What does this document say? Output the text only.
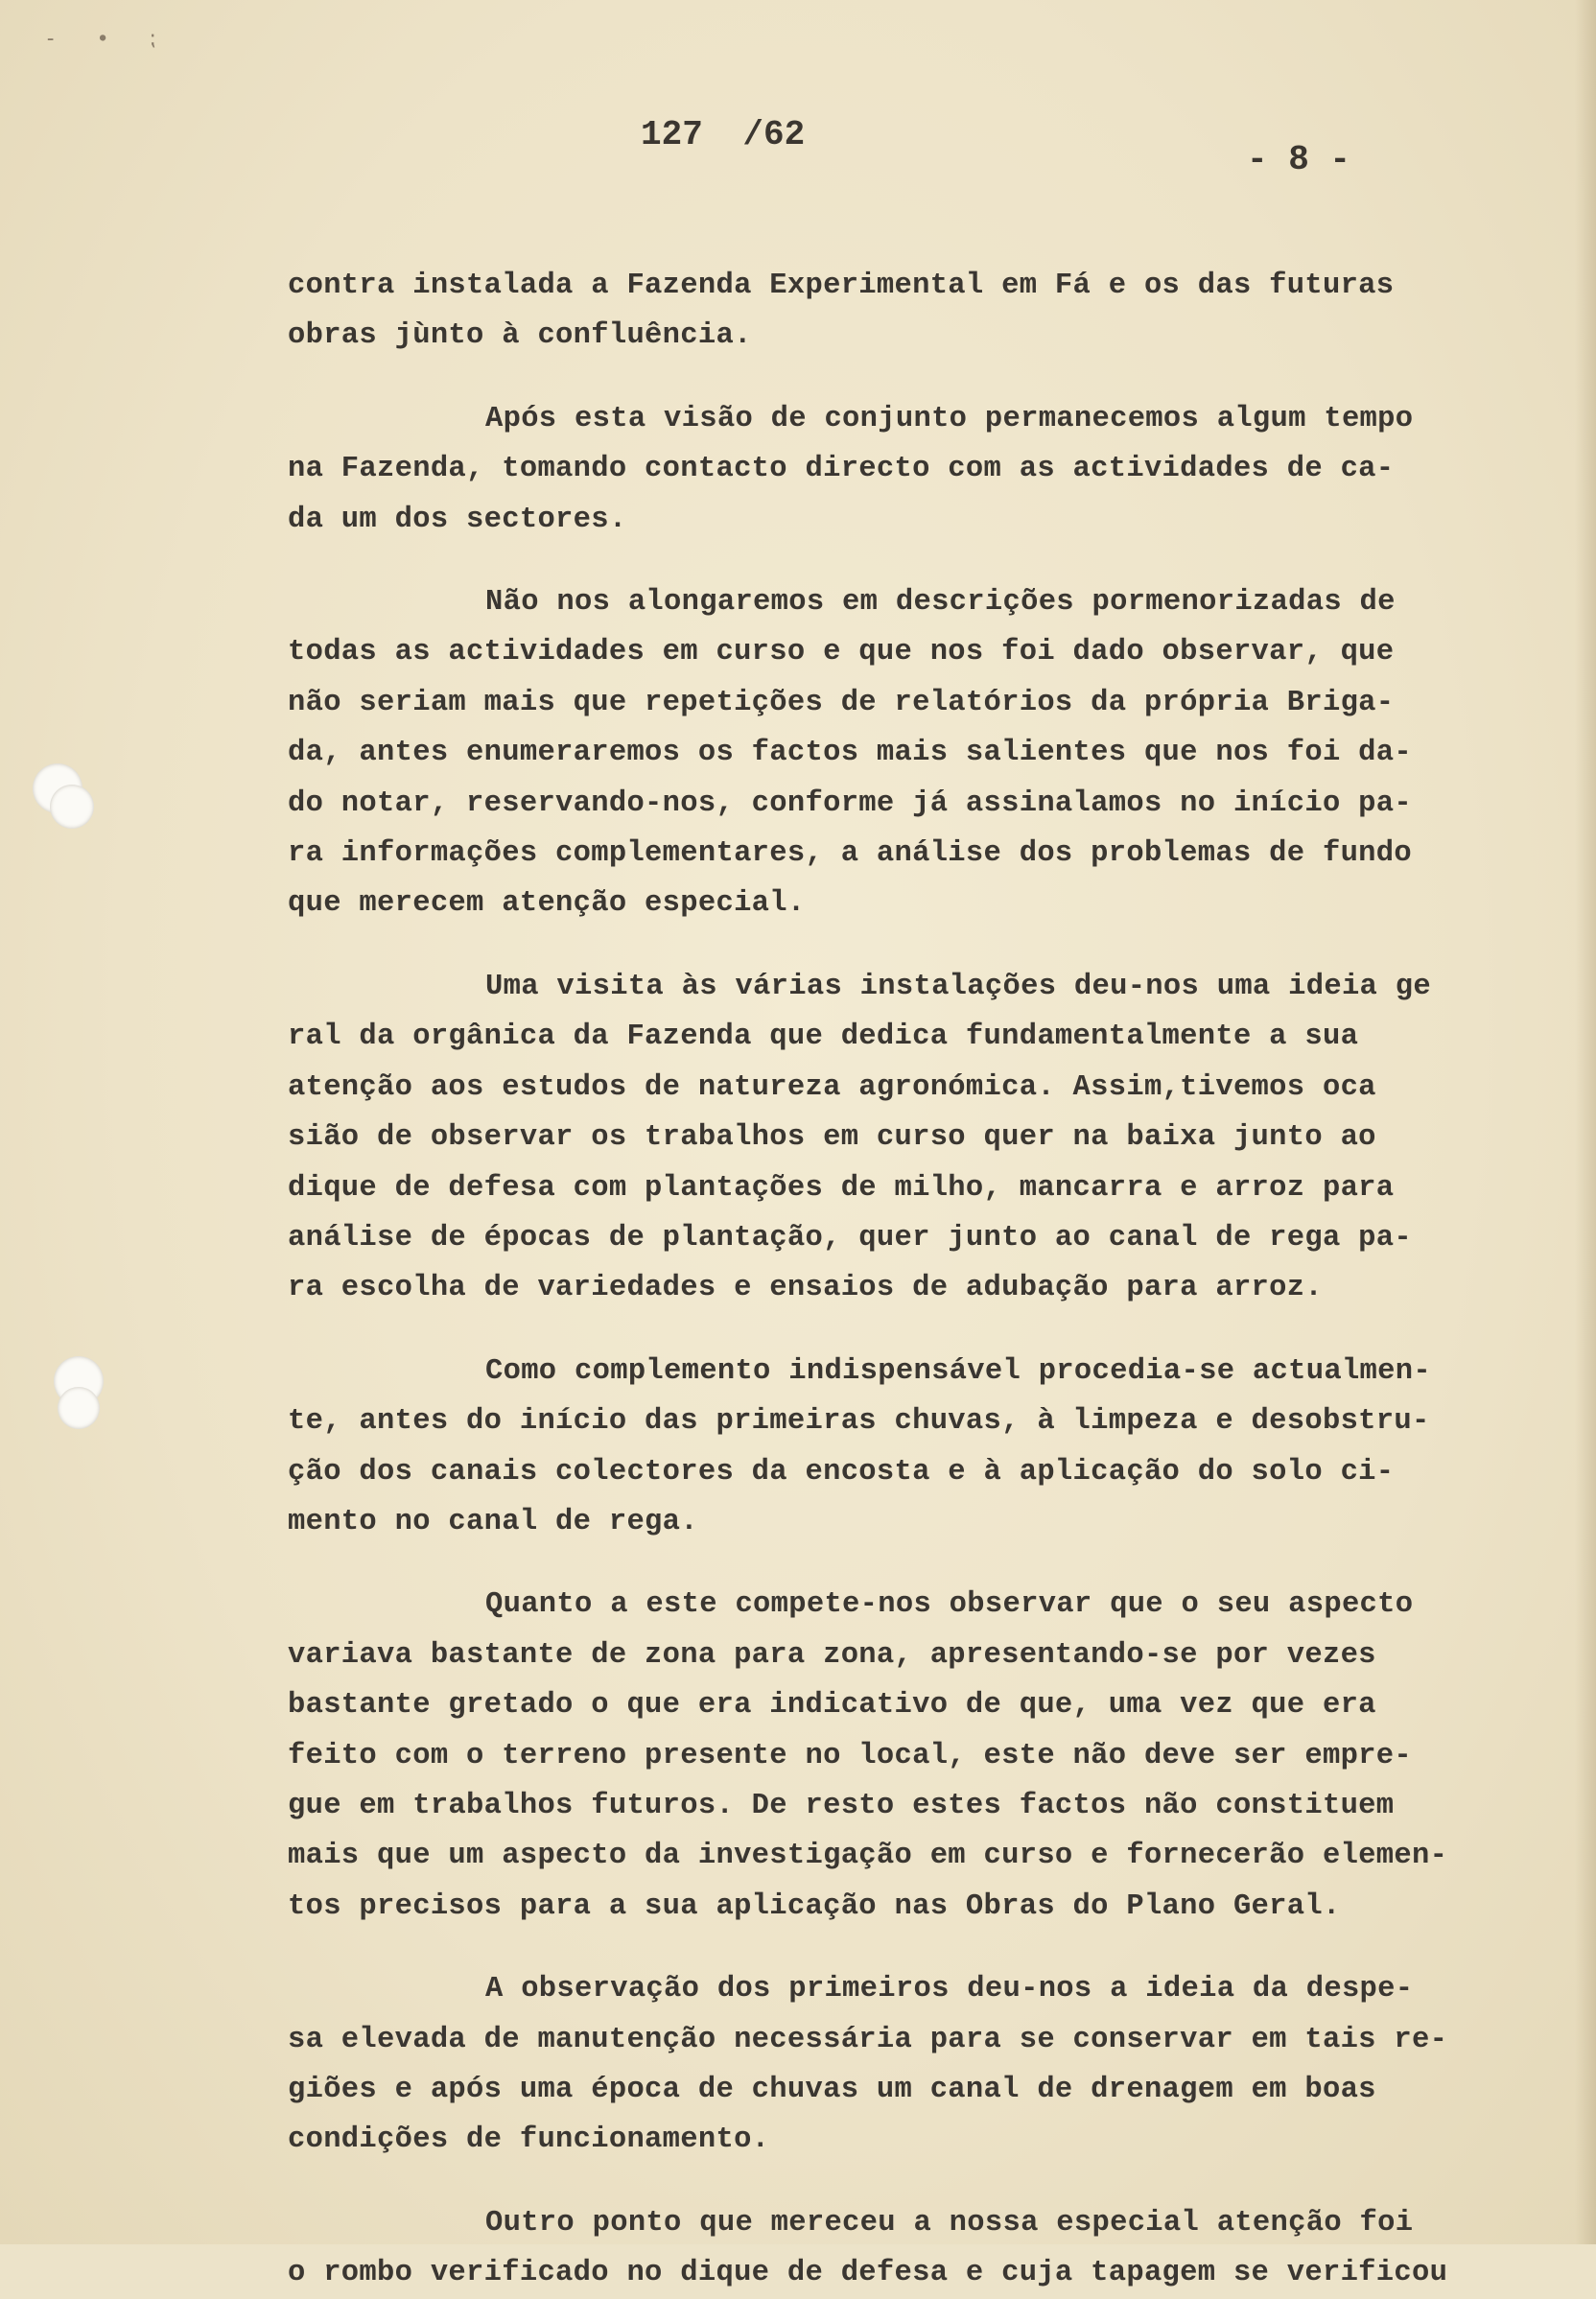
- ∙ ⁏
127 /62
- 8 -
contra instalada a Fazenda Experimental em Fá e os das futuras
obras jùnto à confluência.
Após esta visão de conjunto permanecemos algum tempo
na Fazenda, tomando contacto directo com as actividades de ca-
da um dos sectores.
Não nos alongaremos em descrições pormenorizadas de
todas as actividades em curso e que nos foi dado observar, que
não seriam mais que repetições de relatórios da própria Briga-
da, antes enumeraremos os factos mais salientes que nos foi da-
do notar, reservando-nos, conforme já assinalamos no início pa-
ra informações complementares, a análise dos problemas de fundo
que merecem atenção especial.
Uma visita às várias instalações deu-nos uma ideia ge
ral da orgânica da Fazenda que dedica fundamentalmente a sua
atenção aos estudos de natureza agronómica. Assim,tivemos oca
sião de observar os trabalhos em curso quer na baixa junto ao
dique de defesa com plantações de milho, mancarra e arroz para
análise de épocas de plantação, quer junto ao canal de rega pa-
ra escolha de variedades e ensaios de adubação para arroz.
Como complemento indispensável procedia-se actualmen-
te, antes do início das primeiras chuvas, à limpeza e desobstru-
ção dos canais colectores da encosta e à aplicação do solo ci-
mento no canal de rega.
Quanto a este compete-nos observar que o seu aspecto
variava bastante de zona para zona, apresentando-se por vezes
bastante gretado o que era indicativo de que, uma vez que era
feito com o terreno presente no local, este não deve ser empre-
gue em trabalhos futuros. De resto estes factos não constituem
mais que um aspecto da investigação em curso e fornecerão elemen-
tos precisos para a sua aplicação nas Obras do Plano Geral.
A observação dos primeiros deu-nos a ideia da despe-
sa elevada de manutenção necessária para se conservar em tais re-
giões e após uma época de chuvas um canal de drenagem em boas
condições de funcionamento.
Outro ponto que mereceu a nossa especial atenção foi
o rombo verificado no dique de defesa e cuja tapagem se verificou
